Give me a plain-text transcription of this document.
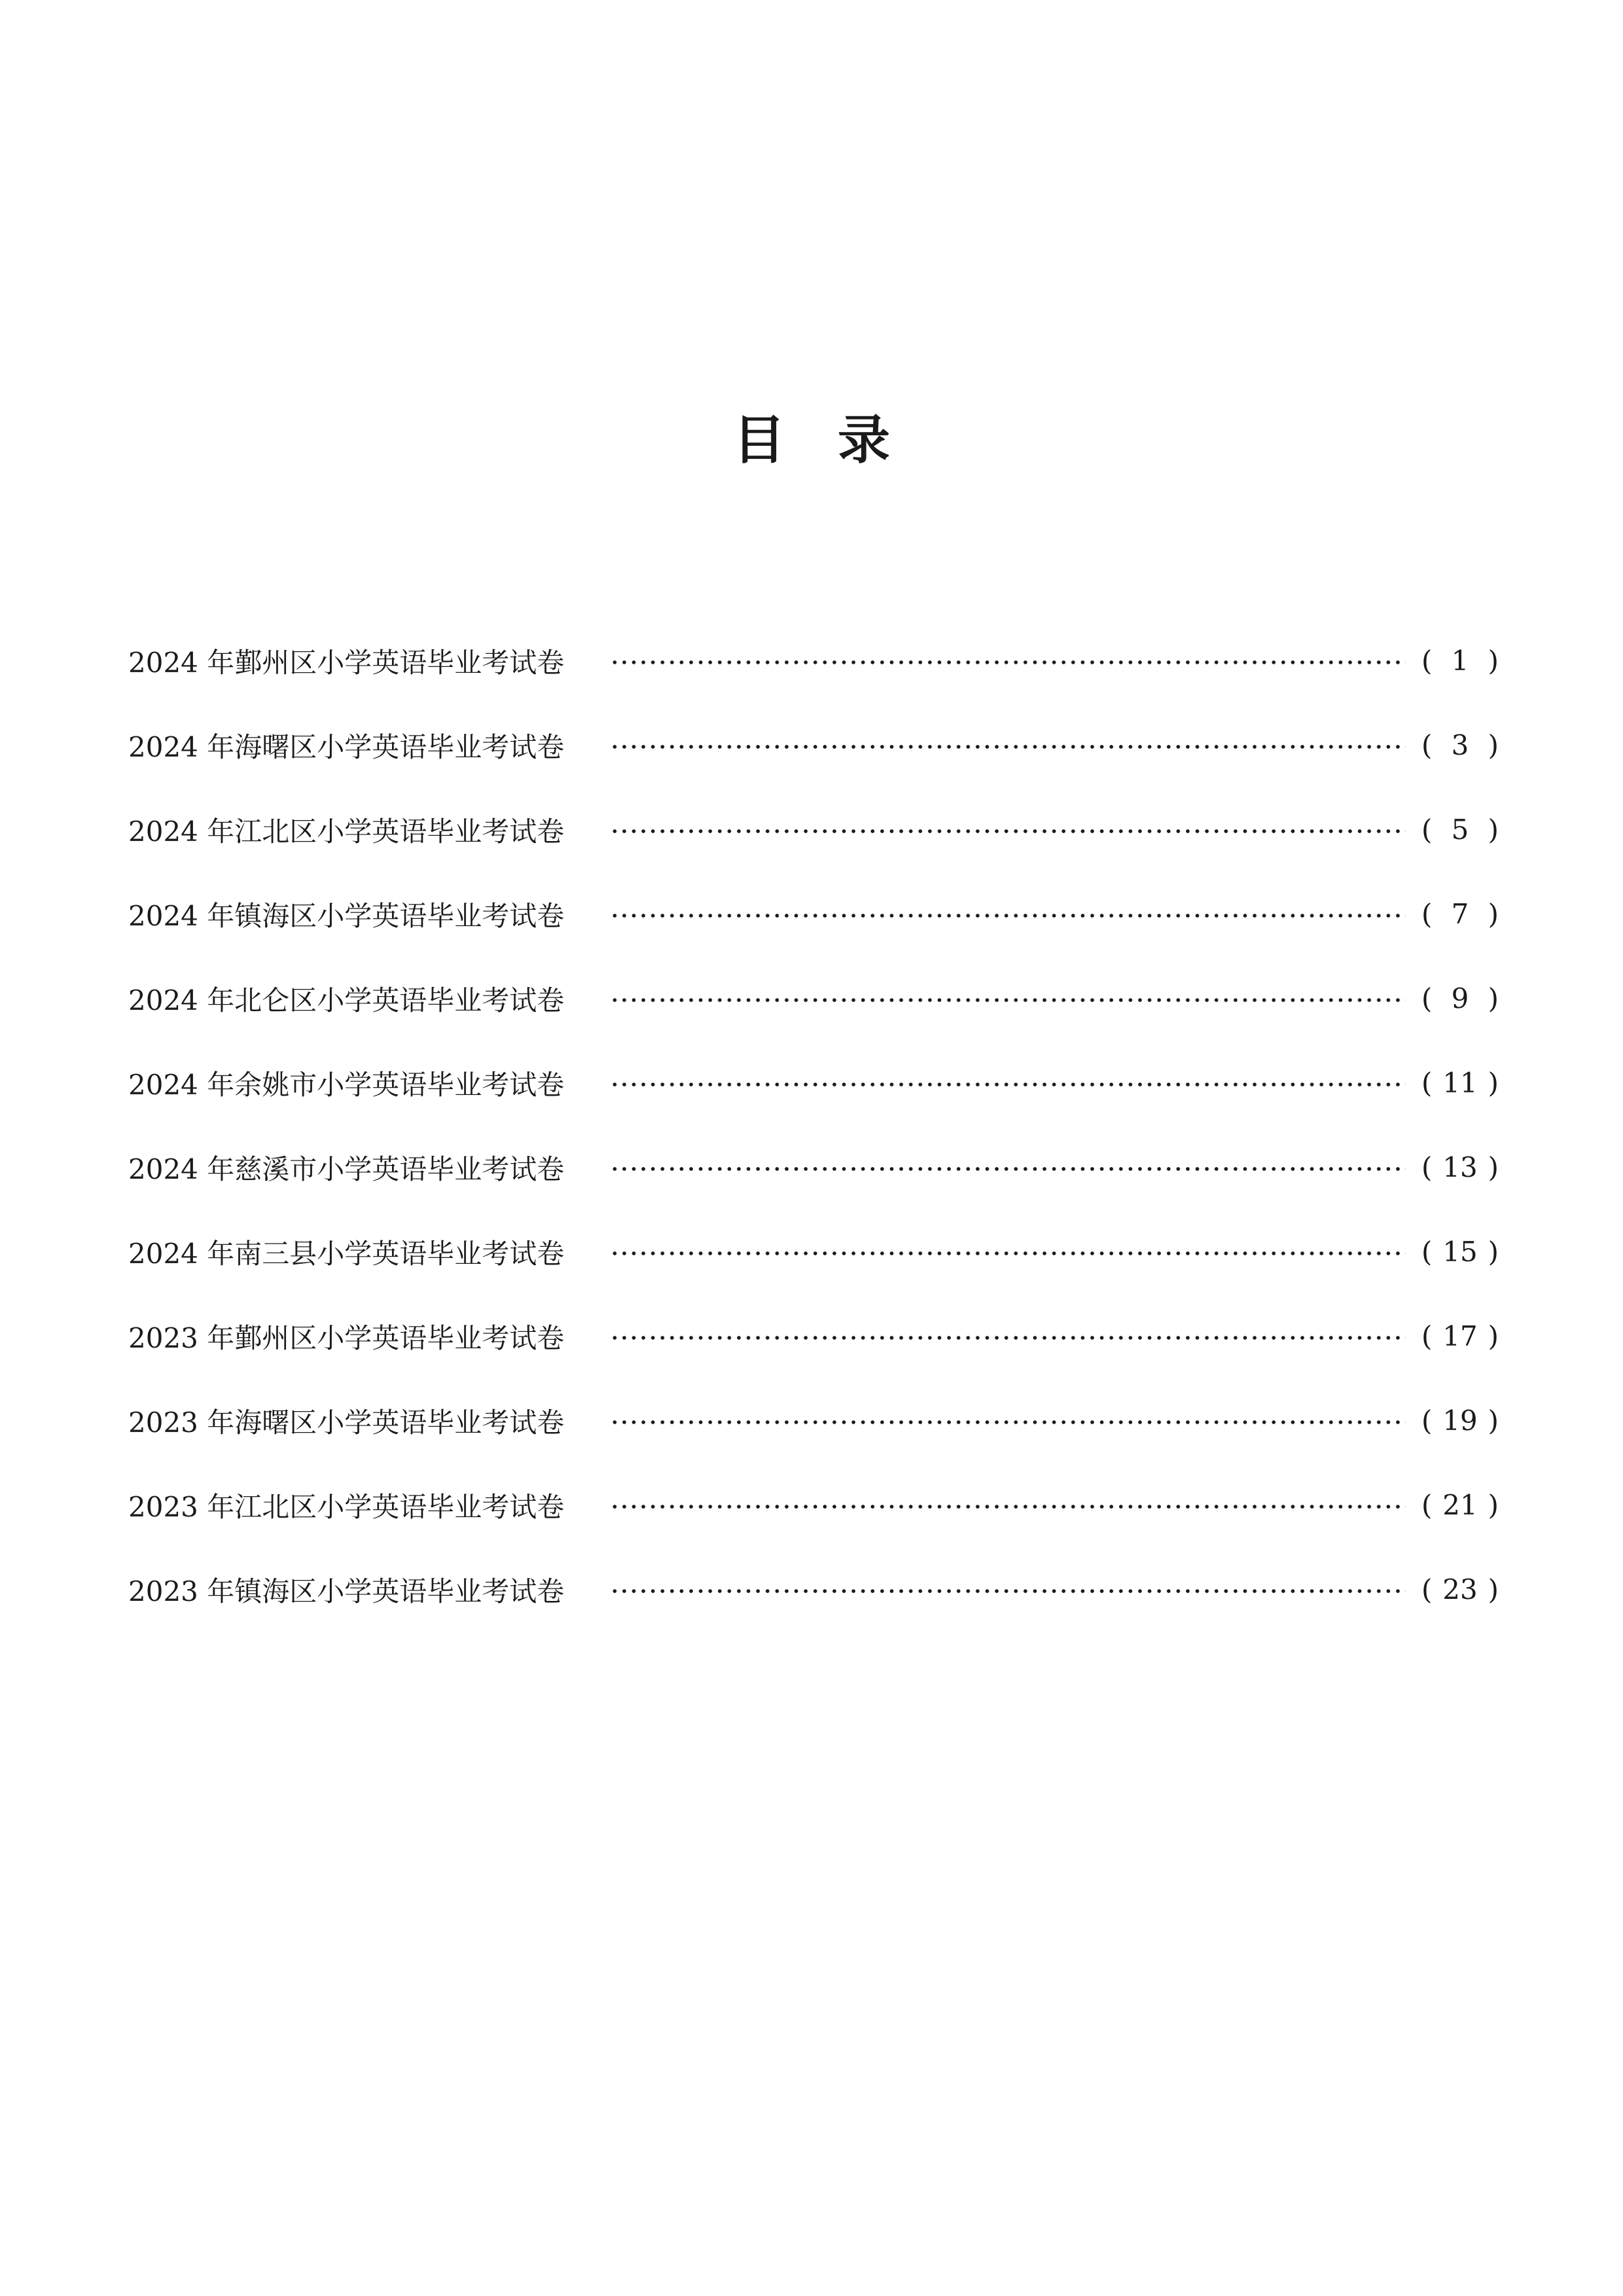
目 录
2024 年鄞州区小学英语毕业考试卷	( 1 )
2024 年海曙区小学英语毕业考试卷	( 3 )
2024 年江北区小学英语毕业考试卷	( 5 )
2024 年镇海区小学英语毕业考试卷	( 7 )
2024 年北仑区小学英语毕业考试卷	( 9 )
2024 年余姚市小学英语毕业考试卷	( 11 )
2024 年慈溪市小学英语毕业考试卷	( 13 )
2024 年南三县小学英语毕业考试卷	( 15 )
2023 年鄞州区小学英语毕业考试卷	( 17 )
2023 年海曙区小学英语毕业考试卷	( 19 )
2023 年江北区小学英语毕业考试卷	( 21 )
2023 年镇海区小学英语毕业考试卷	( 23 )
